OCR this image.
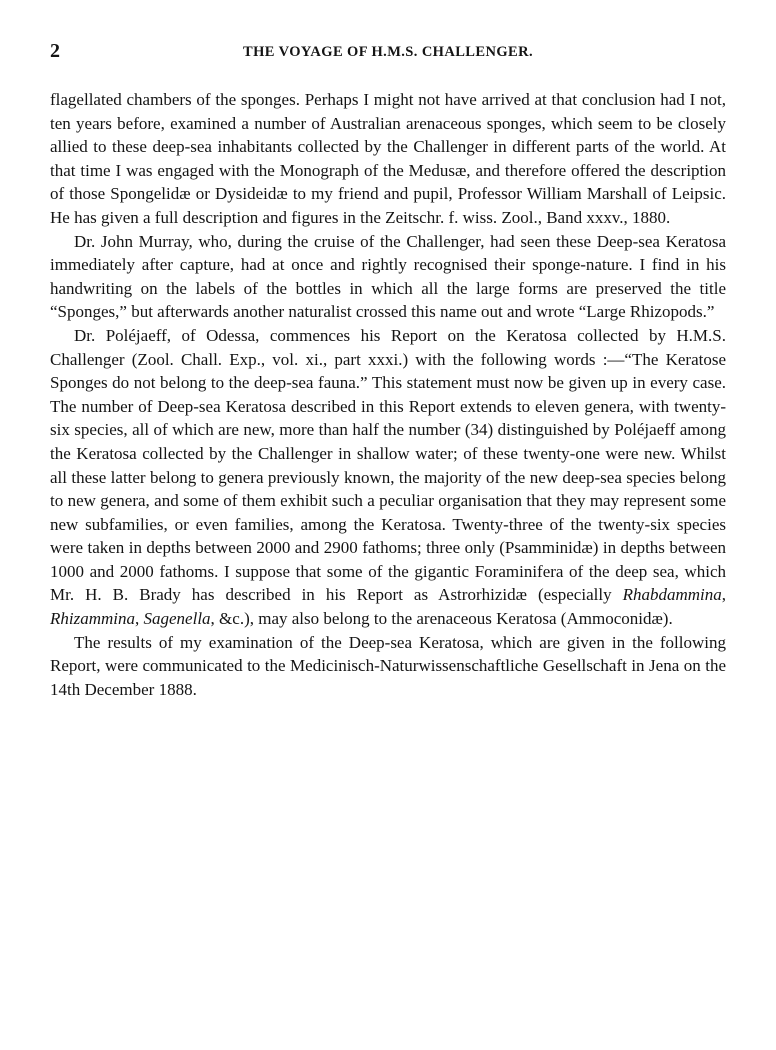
2	THE VOYAGE OF H.M.S. CHALLENGER.

flagellated chambers of the sponges. Perhaps I might not have arrived at that conclusion had I not, ten years before, examined a number of Australian arenaceous sponges, which seem to be closely allied to these deep-sea inhabitants collected by the Challenger in different parts of the world. At that time I was engaged with the Monograph of the Medusæ, and therefore offered the description of those Spongelidæ or Dysideidæ to my friend and pupil, Professor William Marshall of Leipsic. He has given a full description and figures in the Zeitschr. f. wiss. Zool., Band xxxv., 1880.

Dr. John Murray, who, during the cruise of the Challenger, had seen these Deep-sea Keratosa immediately after capture, had at once and rightly recognised their sponge-nature. I find in his handwriting on the labels of the bottles in which all the large forms are preserved the title “Sponges,” but afterwards another naturalist crossed this name out and wrote “Large Rhizopods.”

Dr. Poléjaeff, of Odessa, commences his Report on the Keratosa collected by H.M.S. Challenger (Zool. Chall. Exp., vol. xi., part xxxi.) with the following words :—“The Keratose Sponges do not belong to the deep-sea fauna.” This statement must now be given up in every case. The number of Deep-sea Keratosa described in this Report extends to eleven genera, with twenty-six species, all of which are new, more than half the number (34) distinguished by Poléjaeff among the Keratosa collected by the Challenger in shallow water; of these twenty-one were new. Whilst all these latter belong to genera previously known, the majority of the new deep-sea species belong to new genera, and some of them exhibit such a peculiar organisation that they may represent some new subfamilies, or even families, among the Keratosa. Twenty-three of the twenty-six species were taken in depths between 2000 and 2900 fathoms; three only (Psamminidæ) in depths between 1000 and 2000 fathoms. I suppose that some of the gigantic Foraminifera of the deep sea, which Mr. H. B. Brady has described in his Report as Astrorhizidæ (especially Rhabdammina, Rhizammina, Sagenella, &c.), may also belong to the arenaceous Keratosa (Ammoconidæ).

The results of my examination of the Deep-sea Keratosa, which are given in the following Report, were communicated to the Medicinisch-Naturwissenschaftliche Gesellschaft in Jena on the 14th December 1888.
